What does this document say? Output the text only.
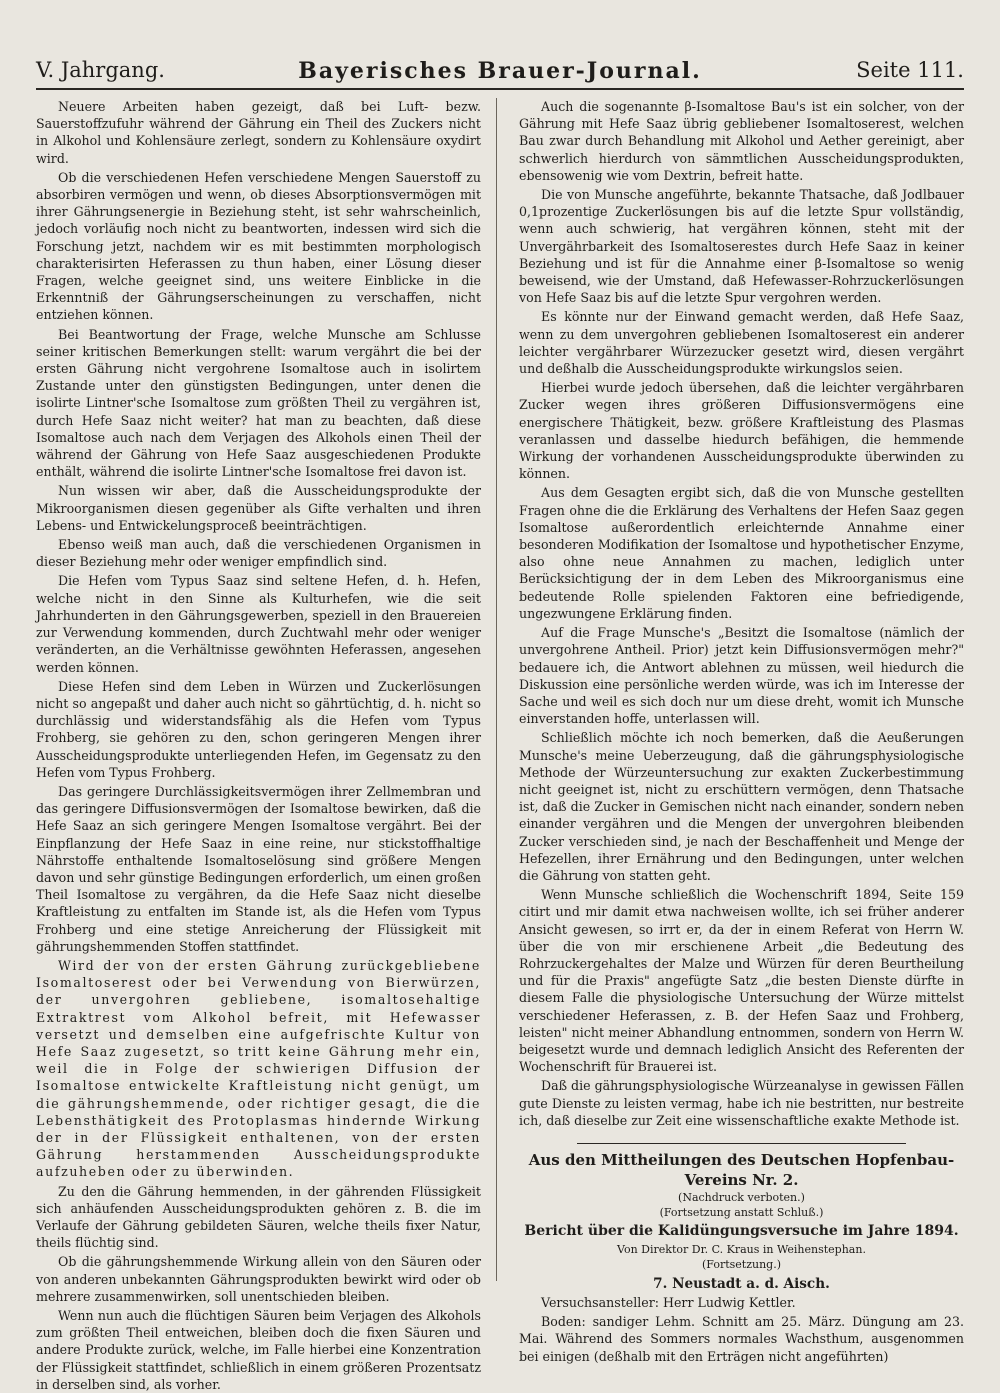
V. Jahrgang.	Bayerisches Brauer-Journal.	Seite 111.

Neuere Arbeiten haben gezeigt, daß bei Luft- bezw. Sauerstoffzufuhr während der Gährung ein Theil des Zuckers nicht in Alkohol und Kohlensäure zerlegt, sondern zu Kohlensäure oxydirt wird.

Ob die verschiedenen Hefen verschiedene Mengen Sauerstoff zu absorbiren vermögen und wenn, ob dieses Absorptionsvermögen mit ihrer Gährungsenergie in Beziehung steht, ist sehr wahrscheinlich, jedoch vorläufig noch nicht zu beantworten, indessen wird sich die Forschung jetzt, nachdem wir es mit bestimmten morphologisch charakterisirten Heferassen zu thun haben, einer Lösung dieser Fragen, welche geeignet sind, uns weitere Einblicke in die Erkenntniß der Gährungserscheinungen zu verschaffen, nicht entziehen können.

Bei Beantwortung der Frage, welche Munsche am Schlusse seiner kritischen Bemerkungen stellt: warum vergährt die bei der ersten Gährung nicht vergohrene Isomaltose auch in isolirtem Zustande unter den günstigsten Bedingungen, unter denen die isolirte Lintner'sche Isomaltose zum größten Theil zu vergähren ist, durch Hefe Saaz nicht weiter? hat man zu beachten, daß diese Isomaltose auch nach dem Verjagen des Alkohols einen Theil der während der Gährung von Hefe Saaz ausgeschiedenen Produkte enthält, während die isolirte Lintner'sche Isomaltose frei davon ist.

Nun wissen wir aber, daß die Ausscheidungsprodukte der Mikroorganismen diesen gegenüber als Gifte verhalten und ihren Lebens- und Entwickelungsproceß beeinträchtigen.

Ebenso weiß man auch, daß die verschiedenen Organismen in dieser Beziehung mehr oder weniger empfindlich sind.

Die Hefen vom Typus Saaz sind seltene Hefen, d. h. Hefen, welche nicht in den Sinne als Kulturhefen, wie die seit Jahrhunderten in den Gährungsgewerben, speziell in den Brauereien zur Verwendung kommenden, durch Zuchtwahl mehr oder weniger veränderten, an die Verhältnisse gewöhnten Heferassen, angesehen werden können.

Diese Hefen sind dem Leben in Würzen und Zuckerlösungen nicht so angepaßt und daher auch nicht so gährtüchtig, d. h. nicht so durchlässig und widerstandsfähig als die Hefen vom Typus Frohberg, sie gehören zu den, schon geringeren Mengen ihrer Ausscheidungsprodukte unterliegenden Hefen, im Gegensatz zu den Hefen vom Typus Frohberg.

Das geringere Durchlässigkeitsvermögen ihrer Zellmembran und das geringere Diffusionsvermögen der Isomaltose bewirken, daß die Hefe Saaz an sich geringere Mengen Isomaltose vergährt. Bei der Einpflanzung der Hefe Saaz in eine reine, nur stickstoffhaltige Nährstoffe enthaltende Isomaltoselösung sind größere Mengen davon und sehr günstige Bedingungen erforderlich, um einen großen Theil Isomaltose zu vergähren, da die Hefe Saaz nicht dieselbe Kraftleistung zu entfalten im Stande ist, als die Hefen vom Typus Frohberg und eine stetige Anreicherung der Flüssigkeit mit gährungshemmenden Stoffen stattfindet.

Wird der von der ersten Gährung zurückgebliebene Isomaltoserest oder bei Verwendung von Bierwürzen, der unvergohren gebliebene, isomaltosehaltige Extraktrest vom Alkohol befreit, mit Hefewasser versetzt und demselben eine aufgefrischte Kultur von Hefe Saaz zugesetzt, so tritt keine Gährung mehr ein, weil die in Folge der schwierigen Diffusion der Isomaltose entwickelte Kraftleistung nicht genügt, um die gährungshemmende, oder richtiger gesagt, die die Lebensthätigkeit des Protoplasmas hindernde Wirkung der in der Flüssigkeit enthaltenen, von der ersten Gährung herstammenden Ausscheidungsprodukte aufzuheben oder zu überwinden.

Zu den die Gährung hemmenden, in der gährenden Flüssigkeit sich anhäufenden Ausscheidungsprodukten gehören z. B. die im Verlaufe der Gährung gebildeten Säuren, welche theils fixer Natur, theils flüchtig sind.

Ob die gährungshemmende Wirkung allein von den Säuren oder von anderen unbekannten Gährungsprodukten bewirkt wird oder ob mehrere zusammenwirken, soll unentschieden bleiben.

Wenn nun auch die flüchtigen Säuren beim Verjagen des Alkohols zum größten Theil entweichen, bleiben doch die fixen Säuren und andere Produkte zurück, welche, im Falle hierbei eine Konzentration der Flüssigkeit stattfindet, schließlich in einem größeren Prozentsatz in derselben sind, als vorher.

Auch die sogenannte β-Isomaltose Bau's ist ein solcher, von der Gährung mit Hefe Saaz übrig gebliebener Isomaltoserest, welchen Bau zwar durch Behandlung mit Alkohol und Aether gereinigt, aber schwerlich hierdurch von sämmtlichen Ausscheidungsprodukten, ebensowenig wie vom Dextrin, befreit hatte.

Die von Munsche angeführte, bekannte Thatsache, daß Jodlbauer 0,1prozentige Zuckerlösungen bis auf die letzte Spur vollständig, wenn auch schwierig, hat vergähren können, steht mit der Unvergährbarkeit des Isomaltoserestes durch Hefe Saaz in keiner Beziehung und ist für die Annahme einer β-Isomaltose so wenig beweisend, wie der Umstand, daß Hefewasser-Rohrzuckerlösungen von Hefe Saaz bis auf die letzte Spur vergohren werden.

Es könnte nur der Einwand gemacht werden, daß Hefe Saaz, wenn zu dem unvergohren gebliebenen Isomaltoserest ein anderer leichter vergährbarer Würzezucker gesetzt wird, diesen vergährt und deßhalb die Ausscheidungsprodukte wirkungslos seien.

Hierbei wurde jedoch übersehen, daß die leichter vergährbaren Zucker wegen ihres größeren Diffusionsvermögens eine energischere Thätigkeit, bezw. größere Kraftleistung des Plasmas veranlassen und dasselbe hiedurch befähigen, die hemmende Wirkung der vorhandenen Ausscheidungsprodukte überwinden zu können.

Aus dem Gesagten ergibt sich, daß die von Munsche gestellten Fragen ohne die die Erklärung des Verhaltens der Hefen Saaz gegen Isomaltose außerordentlich erleichternde Annahme einer besonderen Modifikation der Isomaltose und hypothetischer Enzyme, also ohne neue Annahmen zu machen, lediglich unter Berücksichtigung der in dem Leben des Mikroorganismus eine bedeutende Rolle spielenden Faktoren eine befriedigende, ungezwungene Erklärung finden.

Auf die Frage Munsche's „Besitzt die Isomaltose (nämlich der unvergohrene Antheil. Prior) jetzt kein Diffusionsvermögen mehr?" bedauere ich, die Antwort ablehnen zu müssen, weil hiedurch die Diskussion eine persönliche werden würde, was ich im Interesse der Sache und weil es sich doch nur um diese dreht, womit ich Munsche einverstanden hoffe, unterlassen will.

Schließlich möchte ich noch bemerken, daß die Aeußerungen Munsche's meine Ueberzeugung, daß die gährungsphysiologische Methode der Würzeuntersuchung zur exakten Zuckerbestimmung nicht geeignet ist, nicht zu erschüttern vermögen, denn Thatsache ist, daß die Zucker in Gemischen nicht nach einander, sondern neben einander vergähren und die Mengen der unvergohren bleibenden Zucker verschieden sind, je nach der Beschaffenheit und Menge der Hefezellen, ihrer Ernährung und den Bedingungen, unter welchen die Gährung von statten geht.

Wenn Munsche schließlich die Wochenschrift 1894, Seite 159 citirt und mir damit etwa nachweisen wollte, ich sei früher anderer Ansicht gewesen, so irrt er, da der in einem Referat von Herrn W. über die von mir erschienene Arbeit „die Bedeutung des Rohrzuckergehaltes der Malze und Würzen für deren Beurtheilung und für die Praxis" angefügte Satz „die besten Dienste dürfte in diesem Falle die physiologische Untersuchung der Würze mittelst verschiedener Heferassen, z. B. der Hefen Saaz und Frohberg, leisten" nicht meiner Abhandlung entnommen, sondern von Herrn W. beigesetzt wurde und demnach lediglich Ansicht des Referenten der Wochenschrift für Brauerei ist.

Daß die gährungsphysiologische Würzeanalyse in gewissen Fällen gute Dienste zu leisten vermag, habe ich nie bestritten, nur bestreite ich, daß dieselbe zur Zeit eine wissenschaftliche exakte Methode ist.

Aus den Mittheilungen des Deutschen Hopfenbau-Vereins Nr. 2.

(Nachdruck verboten.)

(Fortsetzung anstatt Schluß.)

Bericht über die Kalidüngungsversuche im Jahre 1894.

Von Direktor Dr. C. Kraus in Weihenstephan.

(Fortsetzung.)

7. Neustadt a. d. Aisch.

Versuchsansteller: Herr Ludwig Kettler.

Boden: sandiger Lehm. Schnitt am 25. März. Düngung am 23. Mai. Während des Sommers normales Wachsthum, ausgenommen bei einigen (deßhalb mit den Erträgen nicht angeführten)
